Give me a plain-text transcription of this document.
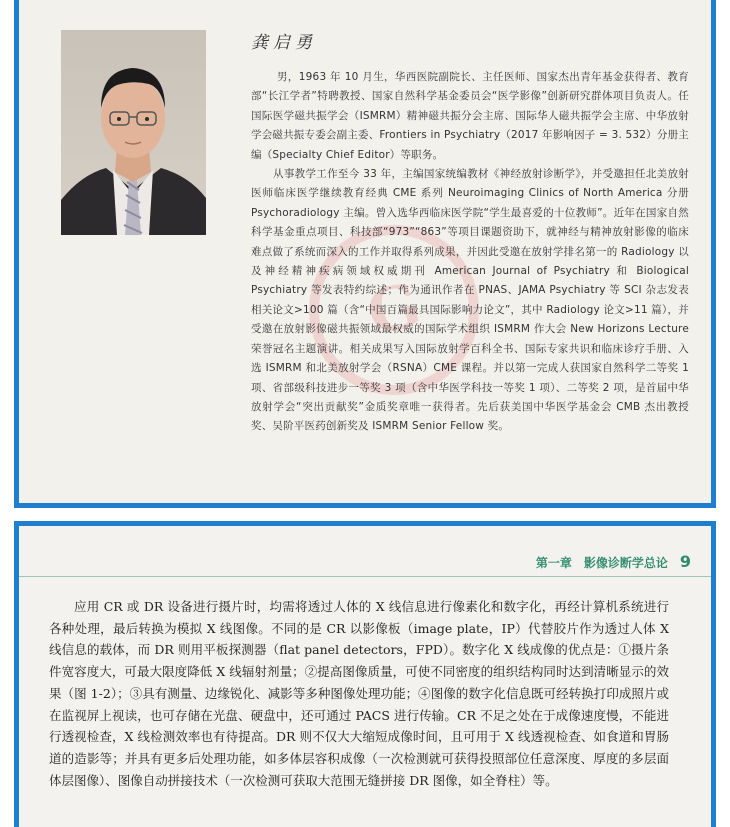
G
龚启勇

男，1963 年 10 月生，华西医院副院长、主任医师、国家杰出青年基金获得者、教育部“长江学者”特聘教授、国家自然科学基金委员会“医学影像”创新研究群体项目负责人。任国际医学磁共振学会（ISMRM）精神磁共振分会主席、国际华人磁共振学会主席、中华放射学会磁共振专委会副主委、Frontiers in Psychiatry（2017 年影响因子 = 3. 532）分册主编（Specialty Chief Editor）等职务。

从事教学工作至今 33 年，主编国家统编教材《神经放射诊断学》，并受邀担任北美放射医师临床医学继续教育经典 CME 系列 Neuroimaging Clinics of North America 分册 Psychoradiology 主编。曾入选华西临床医学院“学生最喜爱的十位教师”。近年在国家自然科学基金重点项目、科技部“973”“863”等项目课题资助下，就神经与精神放射影像的临床难点做了系统而深入的工作并取得系列成果，并因此受邀在放射学排名第一的 Radiology 以及神经精神疾病领域权威期刊 American Journal of Psychiatry 和 Biological Psychiatry 等发表特约综述；作为通讯作者在 PNAS、JAMA Psychiatry 等 SCI 杂志发表相关论文>100 篇（含“中国百篇最具国际影响力论文”，其中 Radiology 论文>11 篇），并受邀在放射影像磁共振领域最权威的国际学术组织 ISMRM 作大会 New Horizons Lecture 荣誉冠名主题演讲。相关成果写入国际放射学百科全书、国际专家共识和临床诊疗手册、入选 ISMRM 和北美放射学会（RSNA）CME 课程。并以第一完成人获国家自然科学二等奖 1 项、省部级科技进步一等奖 3 项（含中华医学科技一等奖 1 项）、二等奖 2 项，是首届中华放射学会“突出贡献奖”金质奖章唯一获得者。先后获美国中华医学基金会 CMB 杰出教授奖、吴阶平医药创新奖及 ISMRM Senior Fellow 奖。

第一章　影像诊断学总论 9

应用 CR 或 DR 设备进行摄片时，均需将透过人体的 X 线信息进行像素化和数字化，再经计算机系统进行各种处理，最后转换为模拟 X 线图像。不同的是 CR 以影像板（image plate，IP）代替胶片作为透过人体 X 线信息的载体，而 DR 则用平板探测器（flat panel detectors，FPD）。数字化 X 线成像的优点是：①摄片条件宽容度大，可最大限度降低 X 线辐射剂量；②提高图像质量，可使不同密度的组织结构同时达到清晰显示的效果（图 1-2）；③具有测量、边缘锐化、减影等多种图像处理功能；④图像的数字化信息既可经转换打印成照片或在监视屏上视读，也可存储在光盘、硬盘中，还可通过 PACS 进行传输。CR 不足之处在于成像速度慢，不能进行透视检查，X 线检测效率也有待提高。DR 则不仅大大缩短成像时间，且可用于 X 线透视检查、如食道和胃肠道的造影等；并具有更多后处理功能，如多体层容积成像（一次检测就可获得投照部位任意深度、厚度的多层面体层图像）、图像自动拼接技术（一次检测可获取大范围无缝拼接 DR 图像，如全脊柱）等。
